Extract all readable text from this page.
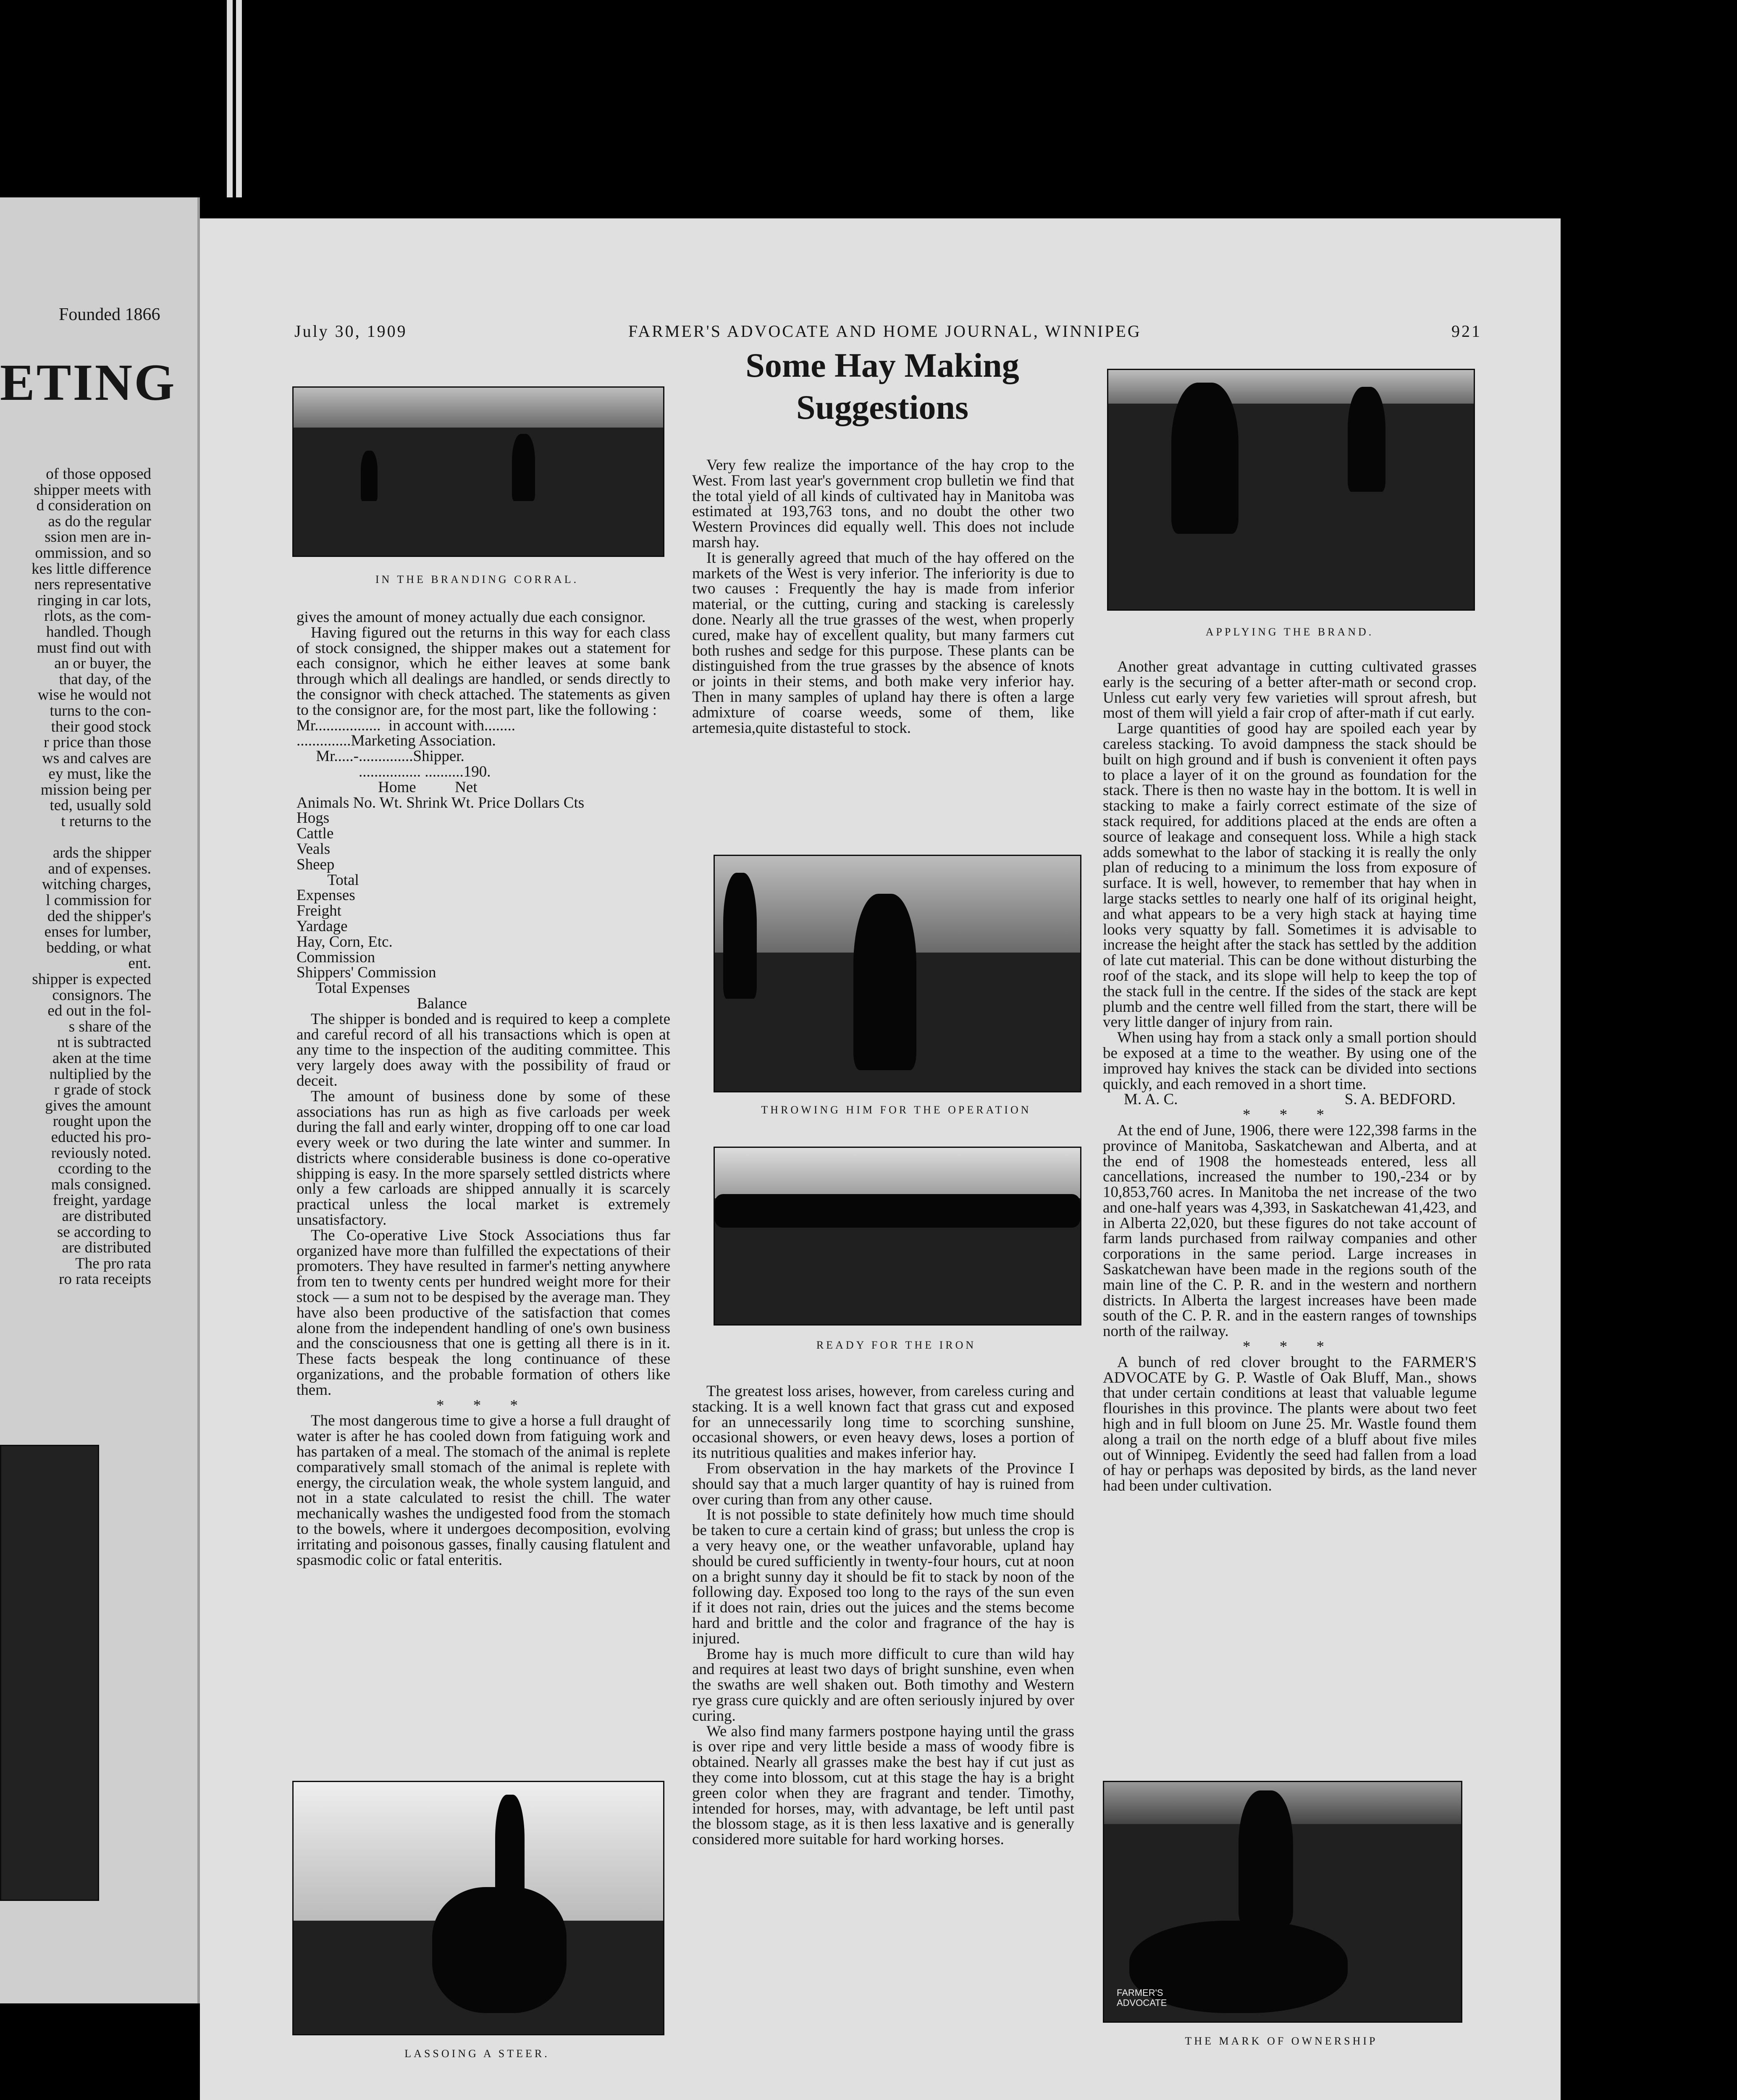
Founded 1866
ETING
of those opposed
shipper meets with
d consideration on
as do the regular
ssion men are in-
ommission, and so
kes little difference
ners representative
ringing in car lots,
rlots, as the com-
handled. Though
must find out with
an or buyer, the
that day, of the
wise he would not
turns to the con-
their good stock
r price than those
ws and calves are
ey must, like the
mission being per
ted, usually sold
t returns to the

ards the shipper
and of expenses.
witching charges,
l commission for
ded the shipper's
enses for lumber,
bedding, or what
ent.
shipper is expected
consignors. The
ed out in the fol-
s share of the
nt is subtracted
aken at the time
nultiplied by the
r grade of stock
gives the amount
rought upon the
educted his pro-
reviously noted.
ccording to the
mals consigned.
freight, yardage
are distributed
se according to
are distributed
The pro rata
ro rata receipts
July 30, 1909	FARMER'S ADVOCATE AND HOME JOURNAL, WINNIPEG	921
IN THE BRANDING CORRAL.

gives the amount of money actually due each consignor.

Having figured out the returns in this way for each class of stock consigned, the shipper makes out a statement for each consignor, which he either leaves at some bank through which all dealings are handled, or sends directly to the consignor with check attached. The statements as given to the consignor are, for the most part, like the following :

Mr.................  in account with........
..............Marketing Association.
Mr.....-..............Shipper.
................ ..........190.
Home          Net
Animals No. Wt. Shrink Wt. Price Dollars Cts
Hogs
Cattle
Veals
Sheep
Total
Expenses
Freight
Yardage
Hay, Corn, Etc.
Commission
Shippers' Commission
Total Expenses
Balance

The shipper is bonded and is required to keep a complete and careful record of all his transactions which is open at any time to the inspection of the auditing committee. This very largely does away with the possibility of fraud or deceit.

The amount of business done by some of these associations has run as high as five carloads per week during the fall and early winter, dropping off to one car load every week or two during the late winter and summer. In districts where considerable business is done co-operative shipping is easy. In the more sparsely settled districts where only a few carloads are shipped annually it is scarcely practical unless the local market is extremely unsatisfactory.

The Co-operative Live Stock Associations thus far organized have more than fulfilled the expectations of their promoters. They have resulted in farmer's netting anywhere from ten to twenty cents per hundred weight more for their stock — a sum not to be despised by the average man. They have also been productive of the satisfaction that comes alone from the independent handling of one's own business and the consciousness that one is getting all there is in it. These facts bespeak the long continuance of these organizations, and the probable formation of others like them.

* * *

The most dangerous time to give a horse a full draught of water is after he has cooled down from fatiguing work and has partaken of a meal. The stomach of the animal is replete comparatively small stomach of the animal is replete with energy, the circulation weak, the whole system languid, and not in a state calculated to resist the chill. The water mechanically washes the undigested food from the stomach to the bowels, where it undergoes decomposition, evolving irritating and poisonous gasses, finally causing flatulent and spasmodic colic or fatal enteritis.

LASSOING A STEER.
Some Hay Making
Suggestions

Very few realize the importance of the hay crop to the West. From last year's government crop bulletin we find that the total yield of all kinds of cultivated hay in Manitoba was estimated at 193,763 tons, and no doubt the other two Western Provinces did equally well. This does not include marsh hay.

It is generally agreed that much of the hay offered on the markets of the West is very inferior. The inferiority is due to two causes : Frequently the hay is made from inferior material, or the cutting, curing and stacking is carelessly done. Nearly all the true grasses of the west, when properly cured, make hay of excellent quality, but many farmers cut both rushes and sedge for this purpose. These plants can be distinguished from the true grasses by the absence of knots or joints in their stems, and both make very inferior hay. Then in many samples of upland hay there is often a large admixture of coarse weeds, some of them, like artemesia,quite distasteful to stock.

THROWING HIM FOR THE OPERATION
READY FOR THE IRON

The greatest loss arises, however, from careless curing and stacking. It is a well known fact that grass cut and exposed for an unnecessarily long time to scorching sunshine, occasional showers, or even heavy dews, loses a portion of its nutritious qualities and makes inferior hay.

From observation in the hay markets of the Province I should say that a much larger quantity of hay is ruined from over curing than from any other cause.

It is not possible to state definitely how much time should be taken to cure a certain kind of grass; but unless the crop is a very heavy one, or the weather unfavorable, upland hay should be cured sufficiently in twenty-four hours, cut at noon on a bright sunny day it should be fit to stack by noon of the following day. Exposed too long to the rays of the sun even if it does not rain, dries out the juices and the stems become hard and brittle and the color and fragrance of the hay is injured.

Brome hay is much more difficult to cure than wild hay and requires at least two days of bright sunshine, even when the swaths are well shaken out. Both timothy and Western rye grass cure quickly and are often seriously injured by over curing.

We also find many farmers postpone haying until the grass is over ripe and very little beside a mass of woody fibre is obtained. Nearly all grasses make the best hay if cut just as they come into blossom, cut at this stage the hay is a bright green color when they are fragrant and tender. Timothy, intended for horses, may, with advantage, be left until past the blossom stage, as it is then less laxative and is generally considered more suitable for hard working horses.

APPLYING THE BRAND.

Another great advantage in cutting cultivated grasses early is the securing of a better after-math or second crop. Unless cut early very few varieties will sprout afresh, but most of them will yield a fair crop of after-math if cut early.

Large quantities of good hay are spoiled each year by careless stacking. To avoid dampness the stack should be built on high ground and if bush is convenient it often pays to place a layer of it on the ground as foundation for the stack. There is then no waste hay in the bottom. It is well in stacking to make a fairly correct estimate of the size of stack required, for additions placed at the ends are often a source of leakage and consequent loss. While a high stack adds somewhat to the labor of stacking it is really the only plan of reducing to a minimum the loss from exposure of surface. It is well, however, to remember that hay when in large stacks settles to nearly one half of its original height, and what appears to be a very high stack at haying time looks very squatty by fall. Sometimes it is advisable to increase the height after the stack has settled by the addition of late cut material. This can be done without disturbing the roof of the stack, and its slope will help to keep the top of the stack full in the centre. If the sides of the stack are kept plumb and the centre well filled from the start, there will be very little danger of injury from rain.

When using hay from a stack only a small portion should be exposed at a time to the weather. By using one of the improved hay knives the stack can be divided into sections quickly, and each removed in a short time.

M. A. C.	S. A. BEDFORD.
* * *

At the end of June, 1906, there were 122,398 farms in the province of Manitoba, Saskatchewan and Alberta, and at the end of 1908 the homesteads entered, less all cancellations, increased the number to 190,-234 or by 10,853,760 acres. In Manitoba the net increase of the two and one-half years was 4,393, in Saskatchewan 41,423, and in Alberta 22,020, but these figures do not take account of farm lands purchased from railway companies and other corporations in the same period. Large increases in Saskatchewan have been made in the regions south of the main line of the C. P. R. and in the western and northern districts. In Alberta the largest increases have been made south of the C. P. R. and in the eastern ranges of townships north of the railway.

* * *

A bunch of red clover brought to the FARMER'S ADVOCATE by G. P. Wastle of Oak Bluff, Man., shows that under certain conditions at least that valuable legume flourishes in this province. The plants were about two feet high and in full bloom on June 25. Mr. Wastle found them along a trail on the north edge of a bluff about five miles out of Winnipeg. Evidently the seed had fallen from a load of hay or perhaps was deposited by birds, as the land never had been under cultivation.

FARMER'S ADVOCATE
THE MARK OF OWNERSHIP
